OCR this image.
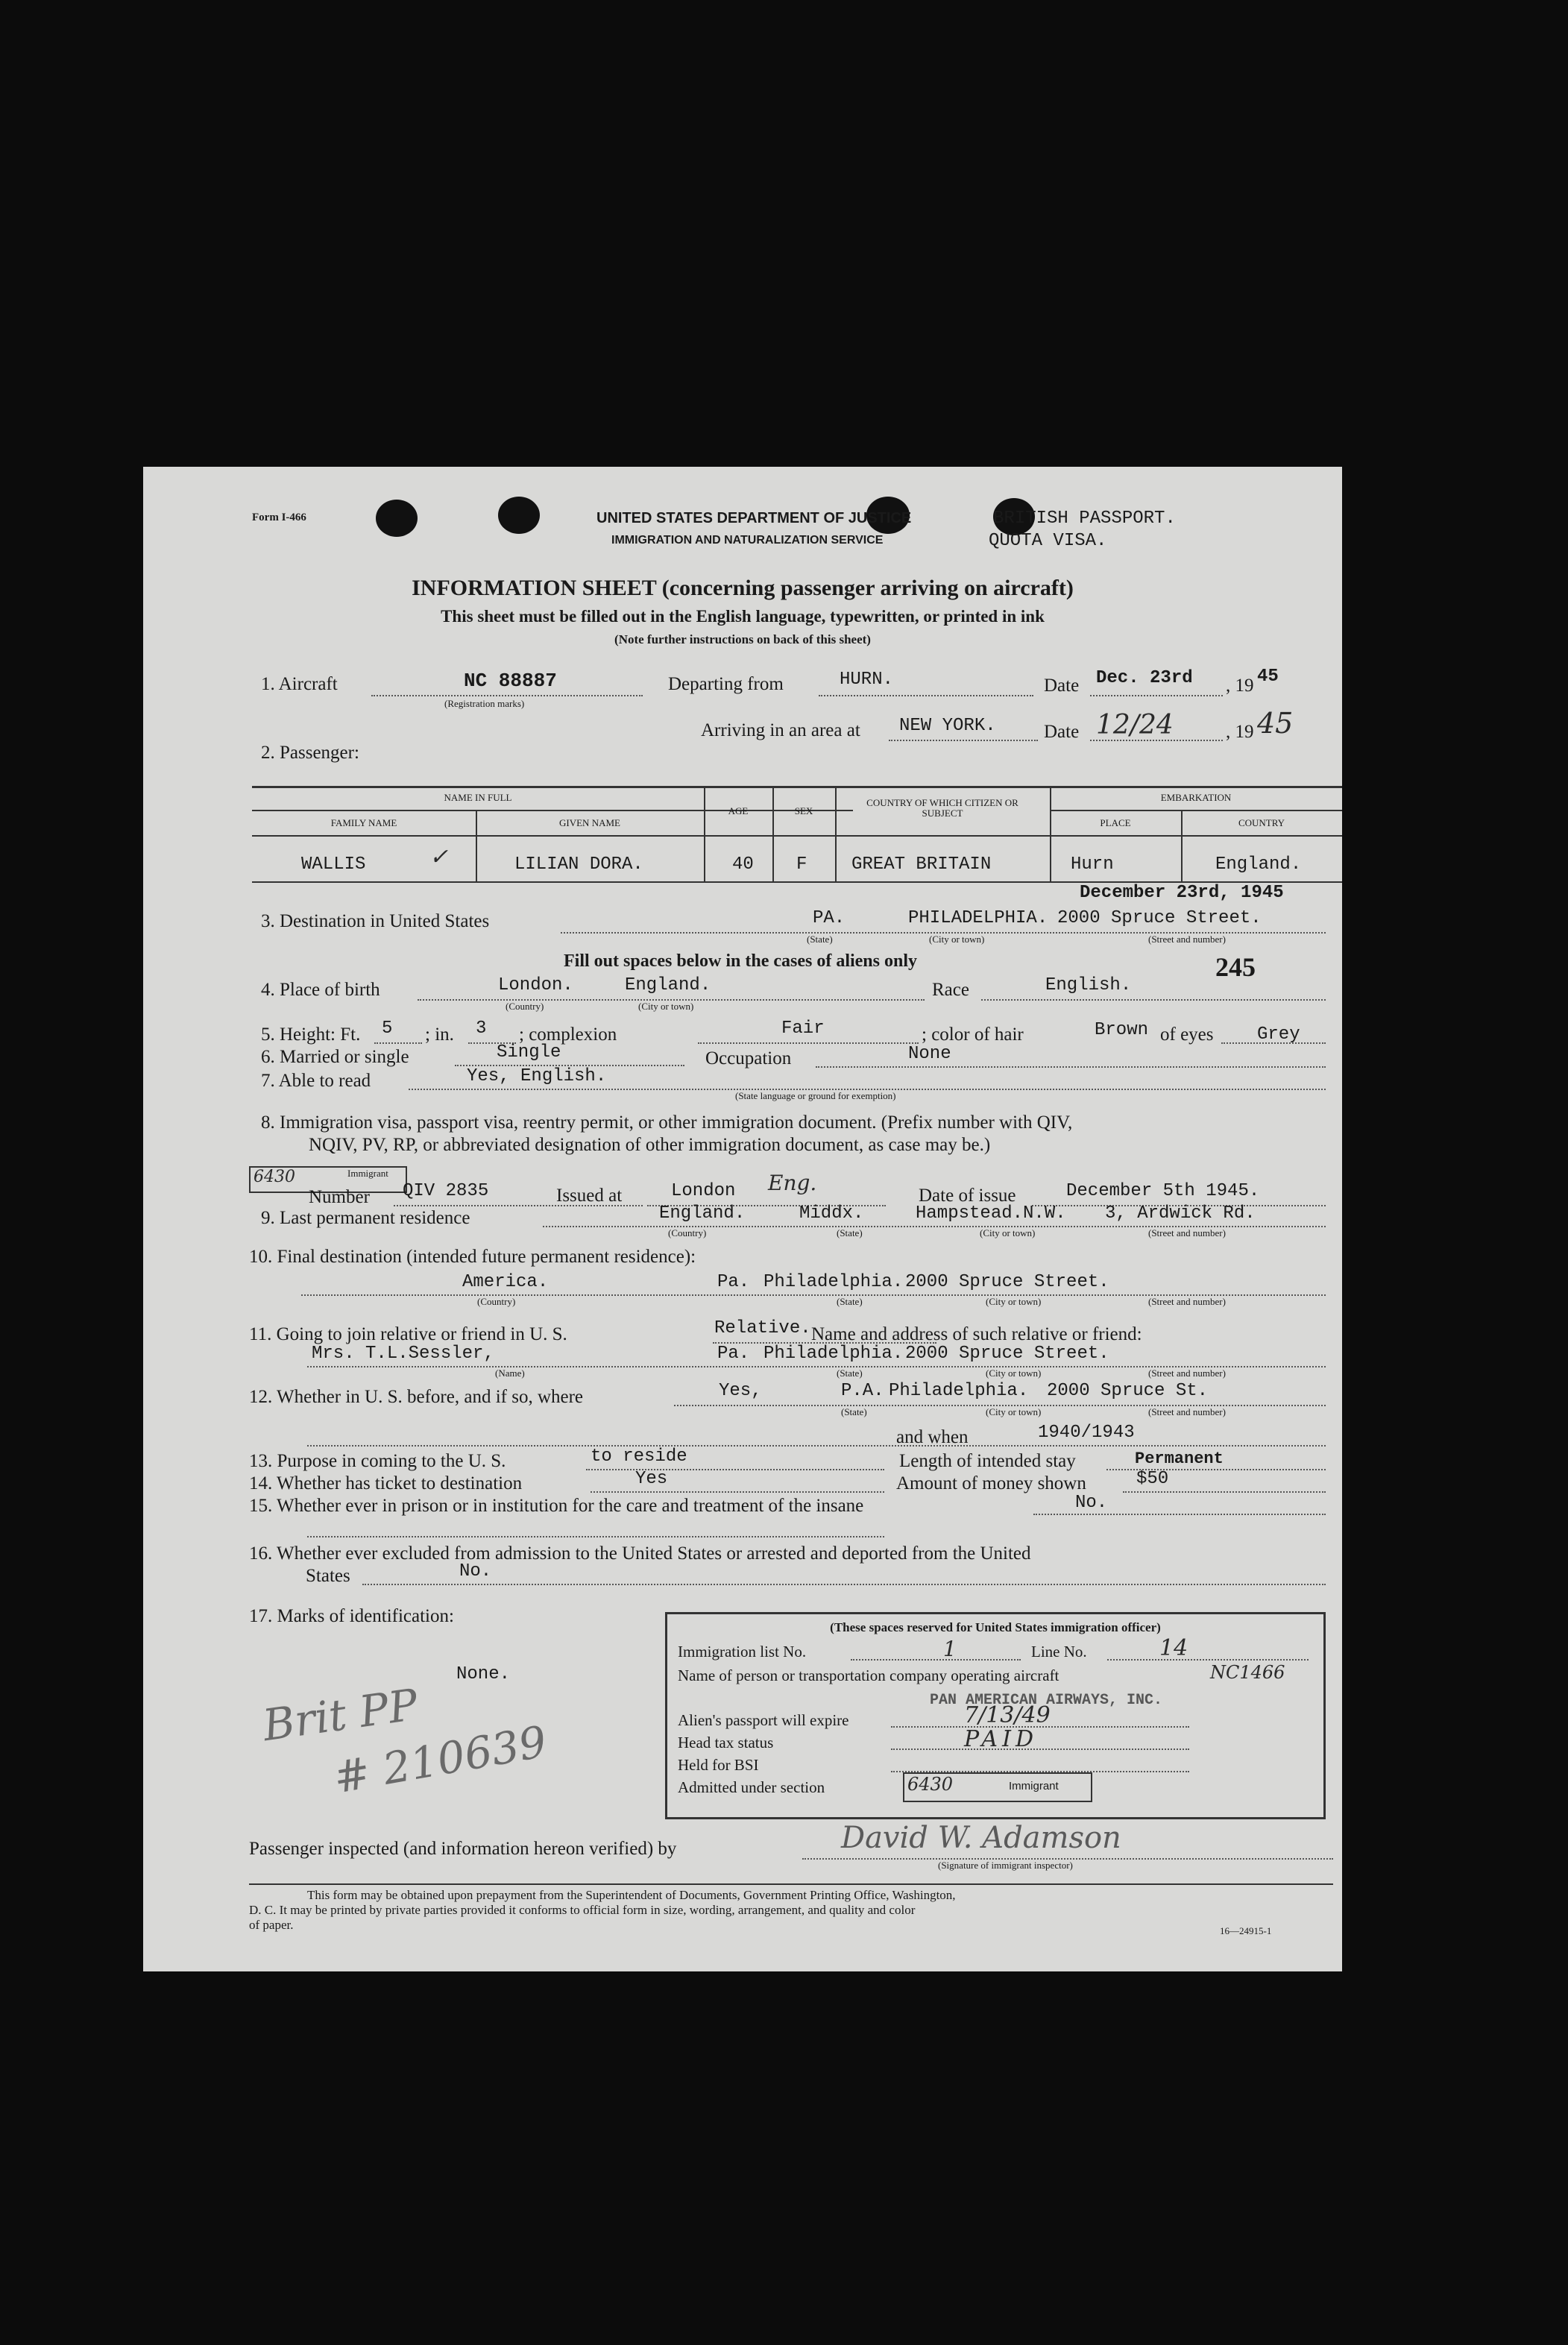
Form I-466	UNITED STATES DEPARTMENT OF JUSTICE
IMMIGRATION AND NATURALIZATION SERVICE
BRITISH PASSPORT.
QUOTA VISA.
INFORMATION SHEET (concerning passenger arriving on aircraft)
This sheet must be filled out in the English language, typewritten, or printed in ink
(Note further instructions on back of this sheet)
1. Aircraft	NC 88887
(Registration marks)
Departing from	HURN.	Date Dec. 23rd , 19 45
Arriving in an area at NEW YORK.	Date 12/24	, 19 45
2. Passenger:
NAME IN FULL
FAMILY NAME	GIVEN NAME
AGE	SEX
COUNTRY OF WHICH CITIZEN OR SUBJECT
EMBARKATION
PLACE	COUNTRY
WALLIS	✓	LILIAN DORA.	40 F GREAT BRITAIN	Hurn	England.
December 23rd, 1945
3. Destination in United States	PA.	PHILADELPHIA. 2000 Spruce Street.
(State)	(City or town)	(Street and number)
Fill out spaces below in the cases of aliens only	245
4. Place of birth	London.	England.
(Country)	(City or town)
Race	English.
5. Height: Ft. 5 ; in. 3 ; complexion	Fair	; color of hair	Brown of eyes Grey
6. Married or single	Single	Occupation	None
7. Able to read	Yes, English.
(State language or ground for exemption)
8. Immigration visa, passport visa, reentry permit, or other immigration document. (Prefix number with QIV,
NQIV, PV, RP, or abbreviated designation of other immigration document, as case may be.)
6430	Immigrant
Number QIV 2835	Issued at	London Eng.
Date of issue	December 5th 1945.
9. Last permanent residence	England.	Middx.	Hampstead.N.W. 3, Ardwick Rd.
(Country)	(State)	(City or town)	(Street and number)
10. Final destination (intended future permanent residence):
America.	Pa. Philadelphia. 2000 Spruce Street.
(Country)	(State)	(City or town)	(Street and number)
11. Going to join relative or friend in U. S.	Relative. Name and address of such relative or friend:
Mrs. T.L.Sessler,	Pa. Philadelphia. 2000 Spruce Street.
(Name)	(State)	(City or town)	(Street and number)
12. Whether in U. S. before, and if so, where	Yes,	P.A. Philadelphia. 2000 Spruce St.
(State)	(City or town)	(Street and number)
and when	1940/1943
13. Purpose in coming to the U. S.	to reside	Length of intended stay	Permanent
14. Whether has ticket to destination	Yes	Amount of money shown	$50
15. Whether ever in prison or in institution for the care and treatment of the insane	No.
16. Whether ever excluded from admission to the United States or arrested and deported from the United
States	No.
17. Marks of identification:
None.
Brit PP
# 210639
(These spaces reserved for United States immigration officer)
Immigration list No.	1	Line No.	14
Name of person or transportation company operating aircraft	NC1466
PAN AMERICAN AIRWAYS, INC.
Alien's passport will expire	7/13/49
Head tax status	PAID
Held for BSI
Admitted under section	6430	Immigrant
Passenger inspected (and information hereon verified) by	David W. Adamson
(Signature of immigrant inspector)
This form may be obtained upon prepayment from the Superintendent of Documents, Government Printing Office, Washington,
D. C. It may be printed by private parties provided it conforms to official form in size, wording, arrangement, and quality and color
of paper.	16—24915-1
